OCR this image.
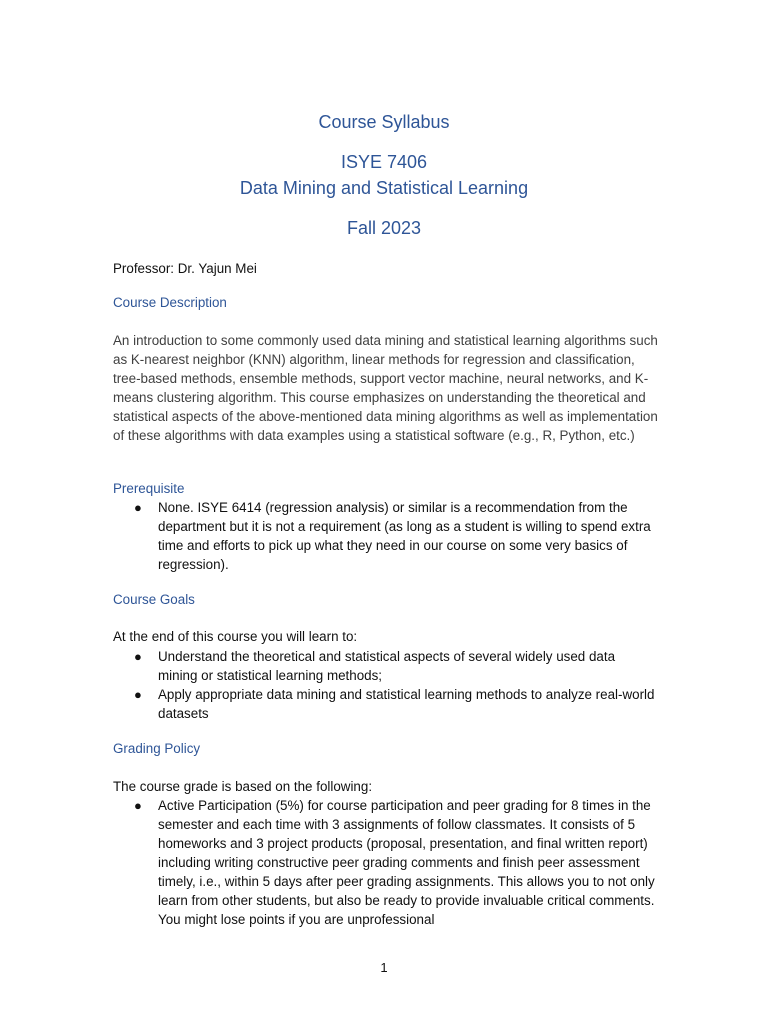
Course Syllabus
ISYE 7406
Data Mining and Statistical Learning
Fall 2023
Professor: Dr. Yajun Mei
Course Description
An introduction to some commonly used data mining and statistical learning algorithms such as K-nearest neighbor (KNN) algorithm, linear methods for regression and classification, tree-based methods, ensemble methods, support vector machine, neural networks, and K-means clustering algorithm. This course emphasizes on understanding the theoretical and statistical aspects of the above-mentioned data mining algorithms as well as implementation of these algorithms with data examples using a statistical software (e.g., R, Python, etc.)
Prerequisite
● None. ISYE 6414 (regression analysis) or similar is a recommendation from the department but it is not a requirement (as long as a student is willing to spend extra time and efforts to pick up what they need in our course on some very basics of regression).
Course Goals
At the end of this course you will learn to:
● Understand the theoretical and statistical aspects of several widely used data mining or statistical learning methods;
● Apply appropriate data mining and statistical learning methods to analyze real-world datasets
Grading Policy
The course grade is based on the following:
● Active Participation (5%) for course participation and peer grading for 8 times in the semester and each time with 3 assignments of follow classmates. It consists of 5 homeworks and 3 project products (proposal, presentation, and final written report) including writing constructive peer grading comments and finish peer assessment timely, i.e., within 5 days after peer grading assignments. This allows you to not only learn from other students, but also be ready to provide invaluable critical comments. You might lose points if you are unprofessional
1
